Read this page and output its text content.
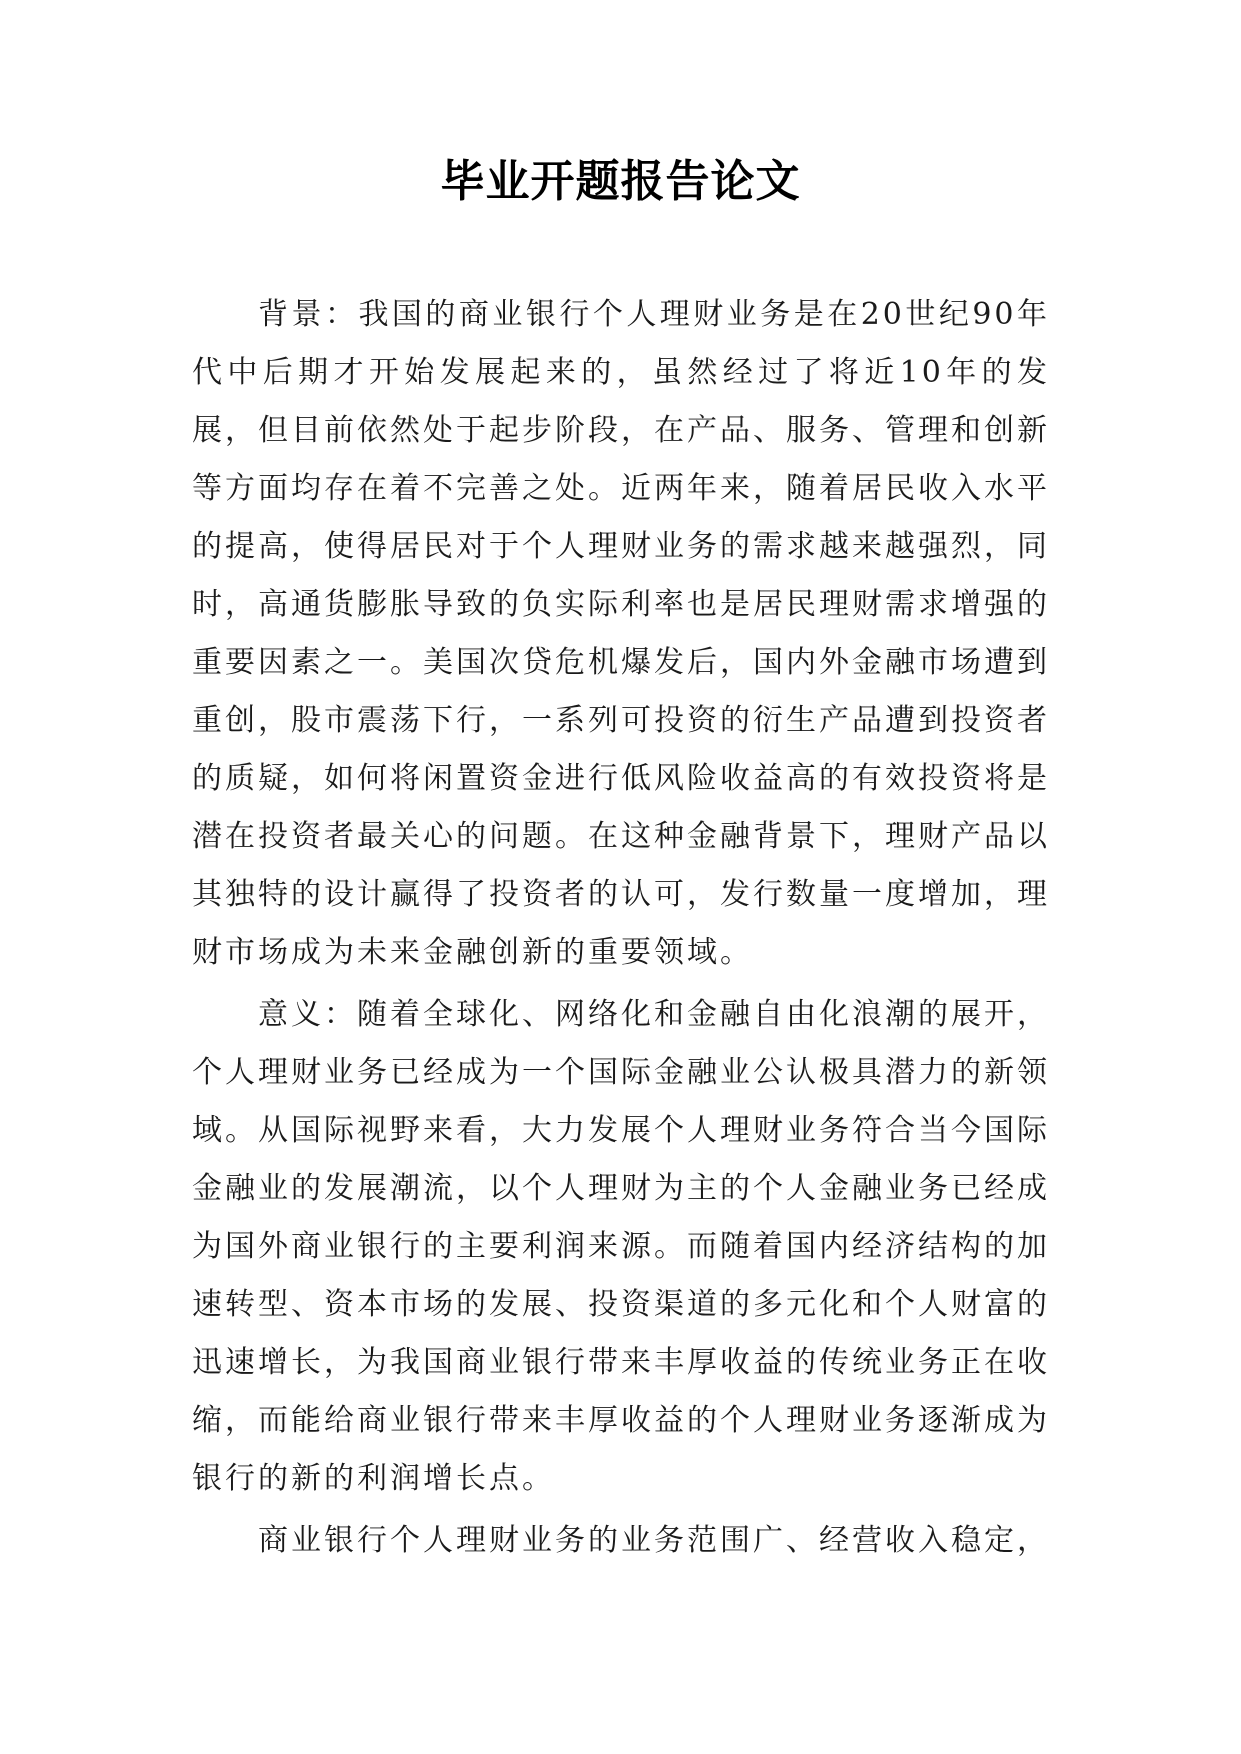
毕业开题报告论文

背景：我国的商业银行个人理财业务是在20世纪90年代中后期才开始发展起来的，虽然经过了将近10年的发展，但目前依然处于起步阶段，在产品、服务、管理和创新等方面均存在着不完善之处。近两年来，随着居民收入水平的提高，使得居民对于个人理财业务的需求越来越强烈，同时，高通货膨胀导致的负实际利率也是居民理财需求增强的重要因素之一。美国次贷危机爆发后，国内外金融市场遭到重创，股市震荡下行，一系列可投资的衍生产品遭到投资者的质疑，如何将闲置资金进行低风险收益高的有效投资将是潜在投资者最关心的问题。在这种金融背景下，理财产品以其独特的设计赢得了投资者的认可，发行数量一度增加，理财市场成为未来金融创新的重要领域。

意义：随着全球化、网络化和金融自由化浪潮的展开，个人理财业务已经成为一个国际金融业公认极具潜力的新领域。从国际视野来看，大力发展个人理财业务符合当今国际金融业的发展潮流，以个人理财为主的个人金融业务已经成为国外商业银行的主要利润来源。而随着国内经济结构的加速转型、资本市场的发展、投资渠道的多元化和个人财富的迅速增长，为我国商业银行带来丰厚收益的传统业务正在收缩，而能给商业银行带来丰厚收益的个人理财业务逐渐成为银行的新的利润增长点。

商业银行个人理财业务的业务范围广、经营收入稳定，
